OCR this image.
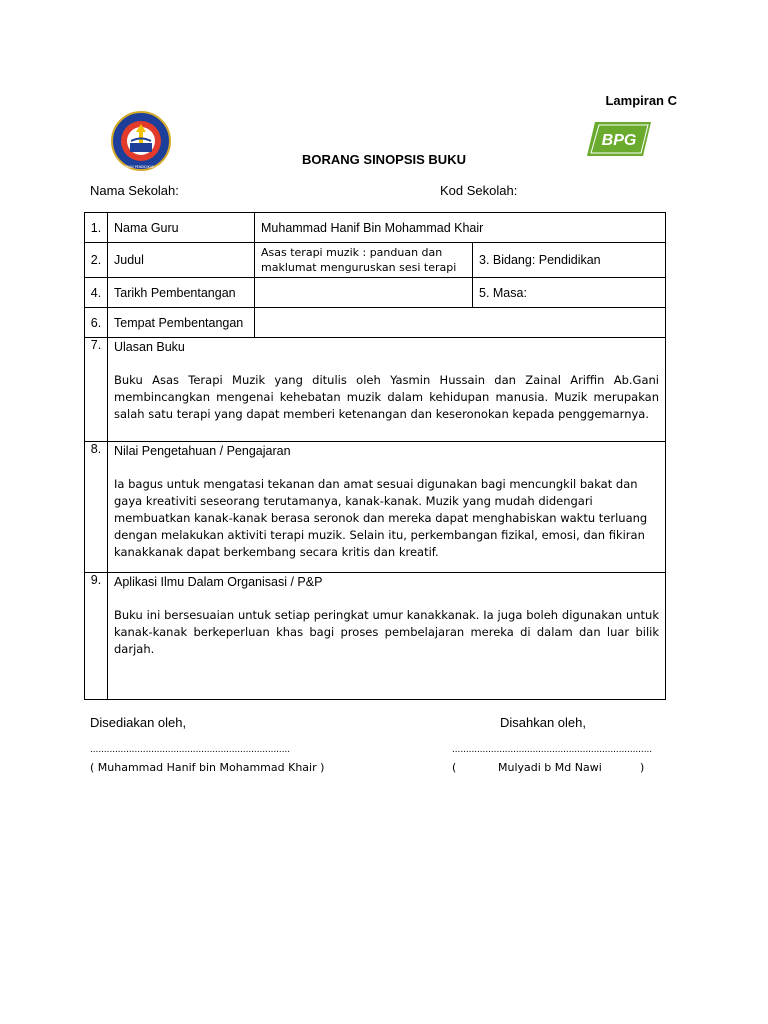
Lampiran C
KEMENTERIAN PENDIDIKAN MALAYSIA
BPG
BORANG SINOPSIS BUKU
Nama Sekolah:	Kod Sekolah:
1.	Nama Guru	Muhammad Hanif Bin Mohammad Khair	
2.	Judul	Asas terapi muzik : panduan dan maklumat menguruskan sesi terapi	3. Bidang: Pendidikan
4.	Tarikh Pembentangan		5. Masa:
6.	Tempat Pembentangan		
7.	Ulasan Buku
Buku Asas Terapi Muzik yang ditulis oleh Yasmin Hussain dan Zainal Ariffin Ab.Gani membincangkan mengenai kehebatan muzik dalam kehidupan manusia. Muzik merupakan salah satu terapi yang dapat memberi ketenangan dan keseronokan kepada penggemarnya.		

8.	Nilai Pengetahuan / Pengajaran
Ia bagus untuk mengatasi tekanan dan amat sesuai digunakan bagi mencungkil bakat dan gaya kreativiti seseorang terutamanya, kanak-kanak. Muzik yang mudah didengari membuatkan kanak-kanak berasa seronok dan mereka dapat menghabiskan waktu terluang dengan melakukan aktiviti terapi muzik. Selain itu, perkembangan fizikal, emosi, dan fikiran kanakkanak dapat berkembang secara kritis dan kreatif.		

9.	Aplikasi Ilmu Dalam Organisasi / P&P
Buku ini bersesuaian untuk setiap peringkat umur kanakkanak. Ia juga boleh digunakan untuk kanak-kanak berkeperluan khas bagi proses pembelajaran mereka di dalam dan luar bilik darjah.		
Disediakan oleh,	Disahkan oleh,
........................................................................	........................................................................
( Muhammad Hanif bin Mohammad Khair )	(	Mulyadi b Md Nawi	)
